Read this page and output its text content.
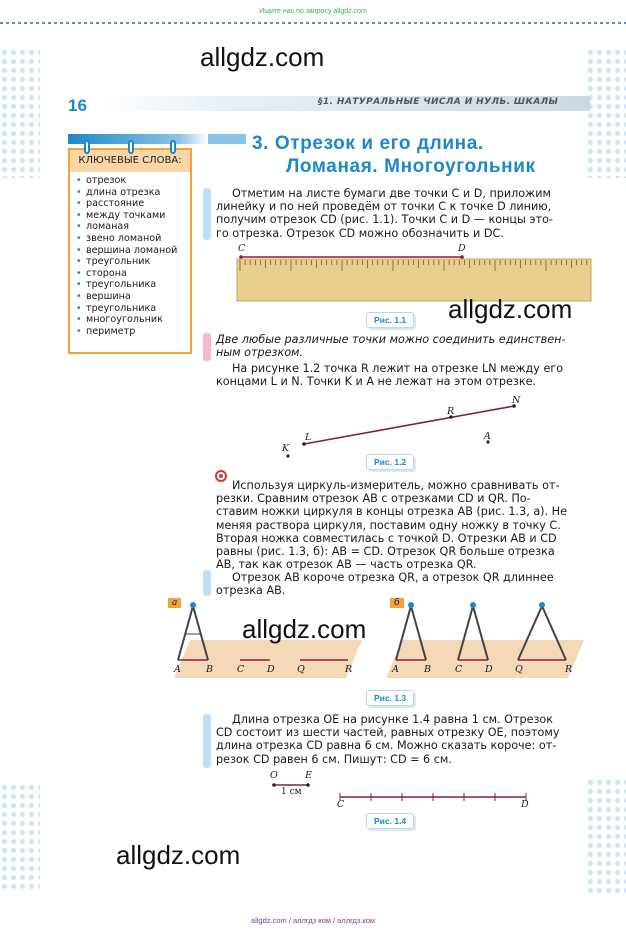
Ищите нас по запросу allgdz.com
allgdz.com
16	§1. НАТУРАЛЬНЫЕ ЧИСЛА И НУЛЬ. ШКАЛЫ
КЛЮЧЕВЫЕ СЛОВА:
• отрезок
• длина отрезка
• расстояние
• между точками
• ломаная
• звено ломаной
• вершина ломаной
• треугольник
• сторона
• треугольника
• вершина
• треугольника
• многоугольник
• периметр
3. Отрезок и его длина.
Ломаная. Многоугольник
Отметим на листе бумаги две точки C и D, приложим
линейку и по ней проведём от точки C к точке D линию,
получим отрезок CD (рис. 1.1). Точки C и D — концы это-
го отрезка. Отрезок CD можно обозначить и DC.
C	D
Рис. 1.1	allgdz.com
Две любые различные точки можно соединить единствен-
ным отрезком.
На рисунке 1.2 точка R лежит на отрезке LN между его
концами L и N. Точки K и A не лежат на этом отрезке.
K
L
R
N
A
Рис. 1.2
Используя циркуль-измеритель, можно сравнивать от-
резки. Сравним отрезок AB с отрезками CD и QR. По-
ставим ножки циркуля в концы отрезка AB (рис. 1.3, а). Не
меняя раствора циркуля, поставим одну ножку в точку C.
Вторая ножка совместилась с точкой D. Отрезки AB и CD
равны (рис. 1.3, б): AB = CD. Отрезок QR больше отрезка
AB, так как отрезок AB — часть отрезка QR.
Отрезок AB короче отрезка QR, а отрезок QR длиннее
отрезка AB.
а	б
A	B	C D Q	R	A	B	C D Q	R
allgdz.com
Рис. 1.3
Длина отрезка OE на рисунке 1.4 равна 1 см. Отрезок
CD состоит из шести частей, равных отрезку OE, поэтому
длина отрезка CD равна 6 см. Можно сказать короче: от-
резок CD равен 6 см. Пишут: CD = 6 см.
O	E
1 см
C	D
Рис. 1.4
allgdz.com
allgdz.com / аллгдз ком / аллгдз.ком
